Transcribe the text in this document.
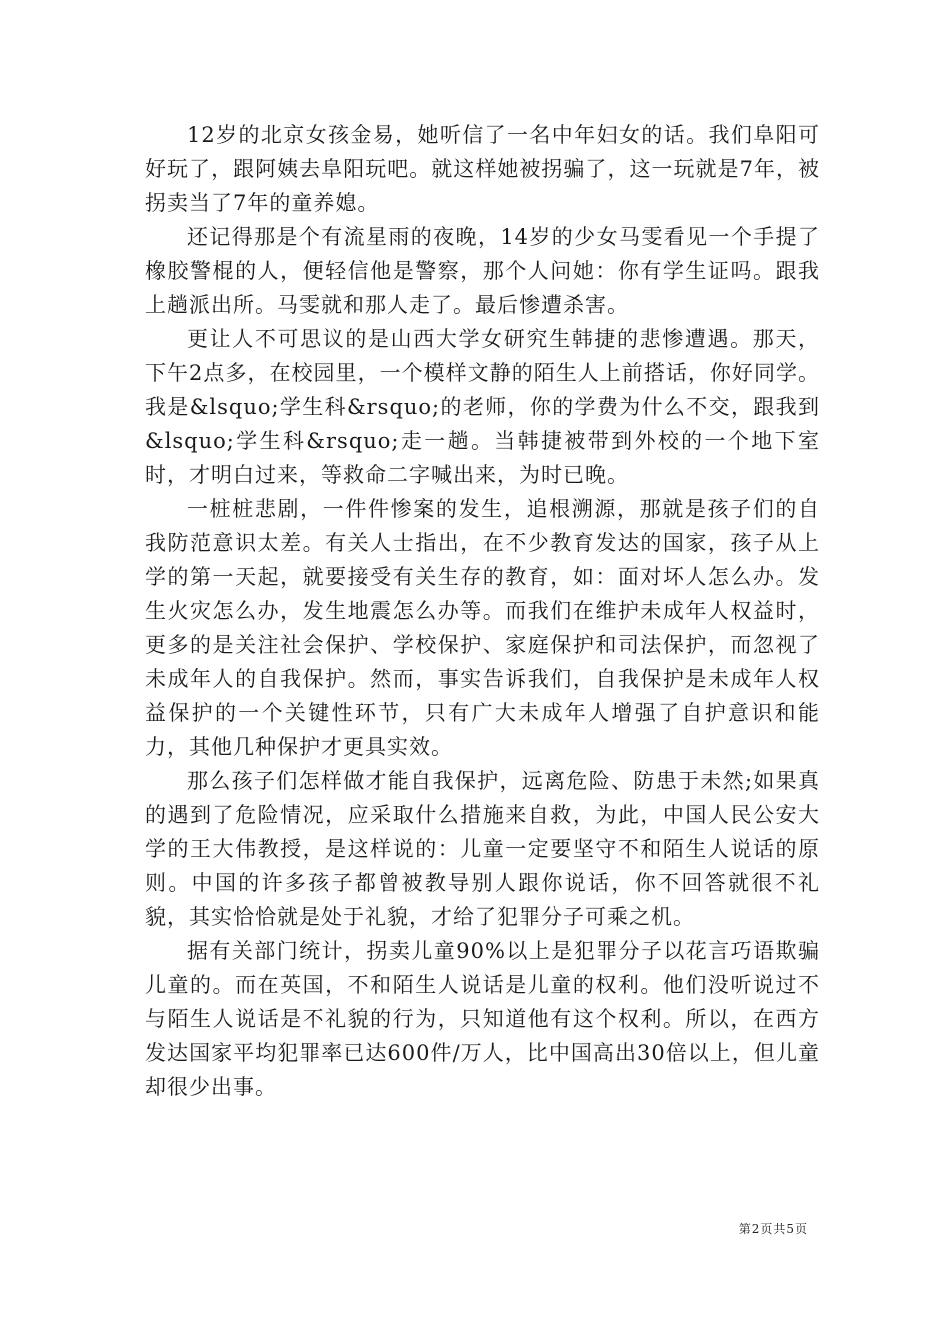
12岁的北京女孩金易，她听信了一名中年妇女的话。我们阜阳可好玩了，跟阿姨去阜阳玩吧。就这样她被拐骗了，这一玩就是7年，被拐卖当了7年的童养媳。

还记得那是个有流星雨的夜晚，14岁的少女马雯看见一个手提了橡胶警棍的人，便轻信他是警察，那个人问她：你有学生证吗。跟我上趟派出所。马雯就和那人走了。最后惨遭杀害。

更让人不可思议的是山西大学女研究生韩捷的悲惨遭遇。那天，下午2点多，在校园里，一个模样文静的陌生人上前搭话，你好同学。我是&lsquo;学生科&rsquo;的老师，你的学费为什么不交，跟我到&lsquo;学生科&rsquo;走一趟。当韩捷被带到外校的一个地下室时，才明白过来，等救命二字喊出来，为时已晚。

一桩桩悲剧，一件件惨案的发生，追根溯源，那就是孩子们的自我防范意识太差。有关人士指出，在不少教育发达的国家，孩子从上学的第一天起，就要接受有关生存的教育，如：面对坏人怎么办。发生火灾怎么办，发生地震怎么办等。而我们在维护未成年人权益时，更多的是关注社会保护、学校保护、家庭保护和司法保护，而忽视了未成年人的自我保护。然而，事实告诉我们，自我保护是未成年人权益保护的一个关键性环节，只有广大未成年人增强了自护意识和能力，其他几种保护才更具实效。

那么孩子们怎样做才能自我保护，远离危险、防患于未然;如果真的遇到了危险情况，应采取什么措施来自救，为此，中国人民公安大学的王大伟教授，是这样说的：儿童一定要坚守不和陌生人说话的原则。中国的许多孩子都曾被教导别人跟你说话，你不回答就很不礼貌，其实恰恰就是处于礼貌，才给了犯罪分子可乘之机。

据有关部门统计，拐卖儿童90%以上是犯罪分子以花言巧语欺骗儿童的。而在英国，不和陌生人说话是儿童的权利。他们没听说过不与陌生人说话是不礼貌的行为，只知道他有这个权利。所以，在西方发达国家平均犯罪率已达600件/万人，比中国高出30倍以上，但儿童却很少出事。

第2页共5页
